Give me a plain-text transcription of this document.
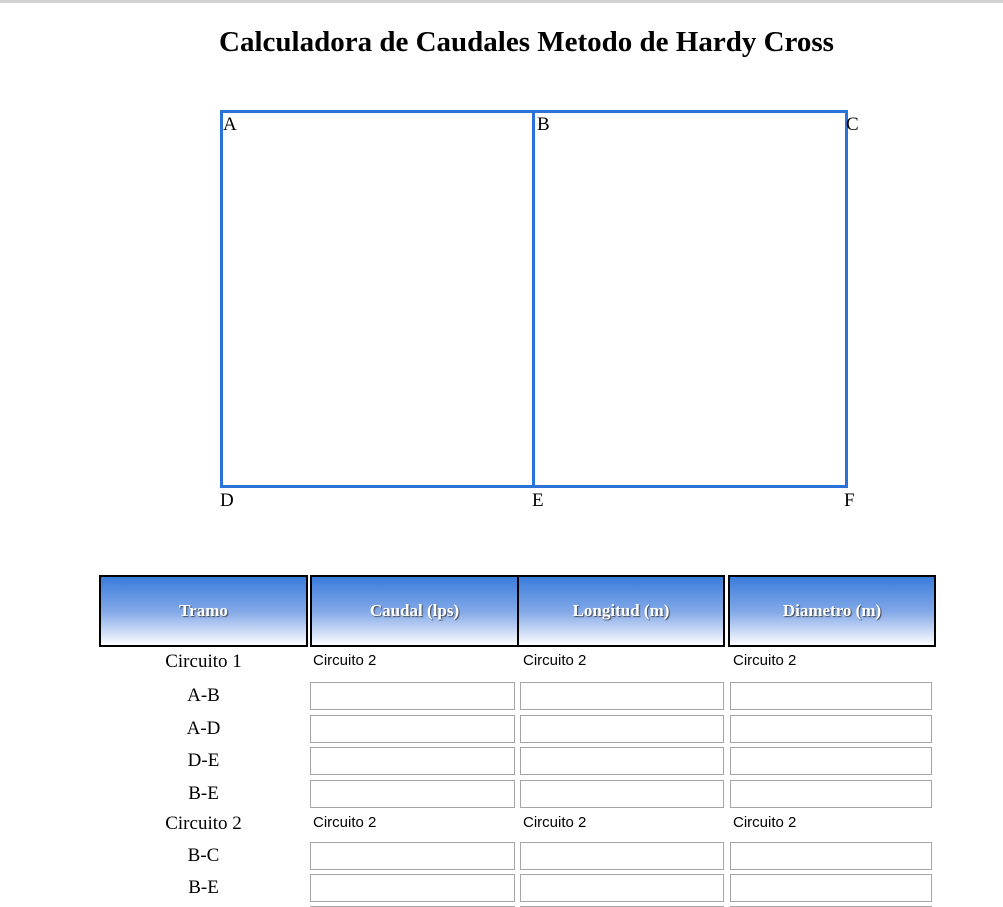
Calculadora de Caudales Metodo de Hardy Cross
A	B	C
D	E	F
Tramo	Caudal (lps)	Longitud (m)	Diametro (m)
Circuito 1	Circuito 2	Circuito 2	Circuito 2
A-B
A-D
D-E
B-E
Circuito 2	Circuito 2	Circuito 2	Circuito 2
B-C
B-E
